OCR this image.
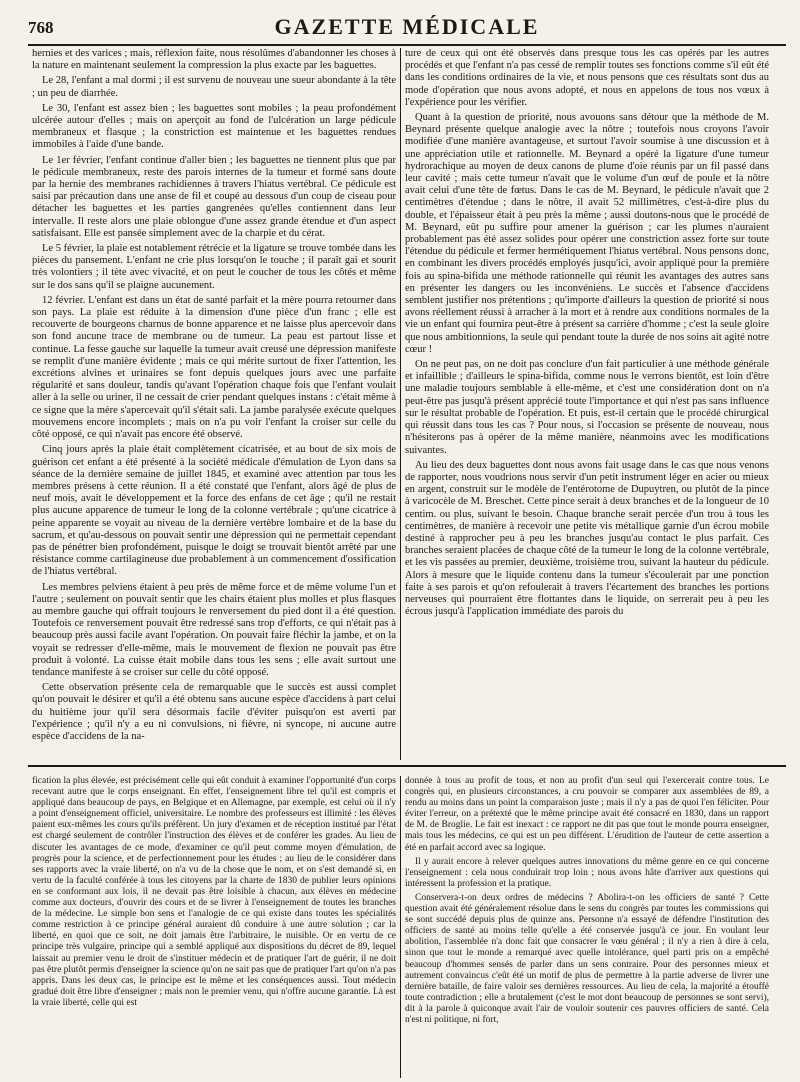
768	GAZETTE MÉDICALE

hernies et des varices ; mais, réflexion faite, nous résolûmes d'abandonner les choses à la nature en maintenant seulement la compression la plus exacte par les baguettes.

Le 28, l'enfant a mal dormi ; il est survenu de nouveau une sueur abondante à la tête ; un peu de diarrhée.

Le 30, l'enfant est assez bien ; les baguettes sont mobiles ; la peau profondément ulcérée autour d'elles ; mais on aperçoit au fond de l'ulcération un large pédicule membraneux et flasque ; la constriction est maintenue et les baguettes rendues immobiles à l'aide d'une bande.

Le 1er février, l'enfant continue d'aller bien ; les baguettes ne tiennent plus que par le pédicule membraneux, reste des parois internes de la tumeur et formé sans doute par la hernie des membranes rachidiennes à travers l'hiatus vertébral. Ce pédicule est saisi par précaution dans une anse de fil et coupé au dessous d'un coup de ciseau pour détacher les baguettes et les parties gangrenées qu'elles contiennent dans leur intervalle. Il reste alors une plaie oblongue d'une assez grande étendue et d'un aspect satisfaisant. Elle est pansée simplement avec de la charpie et du cérat.

Le 5 février, la plaie est notablement rétrécie et la ligature se trouve tombée dans les pièces du pansement. L'enfant ne crie plus lorsqu'on le touche ; il paraît gai et sourit très volontiers ; il tète avec vivacité, et on peut le coucher de tous les côtés et même sur le dos sans qu'il se plaigne aucunement.

12 février. L'enfant est dans un état de santé parfait et la mère pourra retourner dans son pays. La plaie est réduite à la dimension d'une pièce d'un franc ; elle est recouverte de bourgeons charnus de bonne apparence et ne laisse plus apercevoir dans son fond aucune trace de membrane ou de tumeur. La peau est partout lisse et continue. La fesse gauche sur laquelle la tumeur avait creusé une dépression manifeste se remplit d'une manière évidente ; mais ce qui mérite surtout de fixer l'attention, les excrétions alvines et urinaires se font depuis quelques jours avec une parfaite régularité et sans douleur, tandis qu'avant l'opération chaque fois que l'enfant voulait aller à la selle ou uriner, il ne cessait de crier pendant quelques instans : c'était même à ce signe que la mère s'apercevait qu'il s'était sali. La jambe paralysée exécute quelques mouvemens encore incomplets ; mais on n'a pu voir l'enfant la croiser sur celle du côté opposé, ce qui n'avait pas encore été observé.

Cinq jours après la plaie était complètement cicatrisée, et au bout de six mois de guérison cet enfant a été présenté à la société médicale d'émulation de Lyon dans sa séance de la dernière semaine de juillet 1845, et examiné avec attention par tous les membres présens à cette réunion. Il a été constaté que l'enfant, alors âgé de plus de neuf mois, avait le développement et la force des enfans de cet âge ; qu'il ne restait plus aucune apparence de tumeur le long de la colonne vertébrale ; qu'une cicatrice à peine apparente se voyait au niveau de la dernière vertèbre lombaire et de la base du sacrum, et qu'au-dessous on pouvait sentir une dépression qui ne permettait cependant pas de pénétrer bien profondément, puisque le doigt se trouvait bientôt arrêté par une résistance comme cartilagineuse due probablement à un commencement d'ossification de l'hiatus vertébral.

Les membres pelviens étaient à peu près de même force et de même volume l'un et l'autre ; seulement on pouvait sentir que les chairs étaient plus molles et plus flasques au membre gauche qui offrait toujours le renversement du pied dont il a été question. Toutefois ce renversement pouvait être redressé sans trop d'efforts, ce qui n'était pas à beaucoup près aussi facile avant l'opération. On pouvait faire fléchir la jambe, et on la voyait se redresser d'elle-même, mais le mouvement de flexion ne pouvait pas être produit à volonté. La cuisse était mobile dans tous les sens ; elle avait surtout une tendance manifeste à se croiser sur celle du côté opposé.

Cette observation présente cela de remarquable que le succès est aussi complet qu'on pouvait le désirer et qu'il a été obtenu sans aucune espèce d'accidens à part celui du huitième jour qu'il sera désormais facile d'éviter puisqu'on est averti par l'expérience ; qu'il n'y a eu ni convulsions, ni fièvre, ni syncope, ni aucune autre espèce d'accidens de la na-

ture de ceux qui ont été observés dans presque tous les cas opérés par les autres procédés et que l'enfant n'a pas cessé de remplir toutes ses fonctions comme s'il eût été dans les conditions ordinaires de la vie, et nous pensons que ces résultats sont dus au mode d'opération que nous avons adopté, et nous en appelons de tous nos vœux à l'expérience pour les vérifier.

Quant à la question de priorité, nous avouons sans détour que la méthode de M. Beynard présente quelque analogie avec la nôtre ; toutefois nous croyons l'avoir modifiée d'une manière avantageuse, et surtout l'avoir soumise à une discussion et à une appréciation utile et rationnelle. M. Beynard a opéré la ligature d'une tumeur hydrorachique au moyen de deux canons de plume d'oie réunis par un fil passé dans leur cavité ; mais cette tumeur n'avait que le volume d'un œuf de poule et la nôtre avait celui d'une tête de fœtus. Dans le cas de M. Beynard, le pédicule n'avait que 2 centimètres d'étendue ; dans le nôtre, il avait 52 millimètres, c'est-à-dire plus du double, et l'épaisseur était à peu près la même ; aussi doutons-nous que le procédé de M. Beynard, eût pu suffire pour amener la guérison ; car les plumes n'auraient probablement pas été assez solides pour opérer une constriction assez forte sur toute l'étendue du pédicule et fermer hermétiquement l'hiatus vertébral. Nous pensons donc, en combinant les divers procédés employés jusqu'ici, avoir appliqué pour la première fois au spina-bifida une méthode rationnelle qui réunit les avantages des autres sans en présenter les dangers ou les inconvéniens. Le succès et l'absence d'accidens semblent justifier nos prétentions ; qu'importe d'ailleurs la question de priorité si nous avons réellement réussi à arracher à la mort et à rendre aux conditions normales de la vie un enfant qui fournira peut-être à présent sa carrière d'homme ; c'est la seule gloire que nous ambitionnions, la seule qui pendant toute la durée de nos soins ait agité notre cœur !

On ne peut pas, on ne doit pas conclure d'un fait particulier à une méthode générale et infaillible ; d'ailleurs le spina-bifida, comme nous le verrons bientôt, est loin d'être une maladie toujours semblable à elle-même, et c'est une considération dont on n'a peut-être pas jusqu'à présent apprécié toute l'importance et qui n'est pas sans influence sur le résultat probable de l'opération. Et puis, est-il certain que le procédé chirurgical qui réussit dans tous les cas ? Pour nous, si l'occasion se présente de nouveau, nous n'hésiterons pas à opérer de la même manière, néanmoins avec les modifications suivantes.

Au lieu des deux baguettes dont nous avons fait usage dans le cas que nous venons de rapporter, nous voudrions nous servir d'un petit instrument léger en acier ou mieux en argent, construit sur le modèle de l'entérotome de Dupuytren, ou plutôt de la pince à varicocèle de M. Breschet. Cette pince serait à deux branches et de la longueur de 10 centim. ou plus, suivant le besoin. Chaque branche serait percée d'un trou à tous les centimètres, de manière à recevoir une petite vis métallique garnie d'un écrou mobile destiné à rapprocher peu à peu les branches jusqu'au contact le plus parfait. Ces branches seraient placées de chaque côté de la tumeur le long de la colonne vertébrale, et les vis passées au premier, deuxième, troisième trou, suivant la hauteur du pédicule. Alors à mesure que le liquide contenu dans la tumeur s'écoulerait par une ponction faite à ses parois et qu'on refoulerait à travers l'écartement des branches les portions nerveuses qui pourraient être flottantes dans le liquide, on serrerait peu à peu les écrous jusqu'à l'application immédiate des parois du

fication la plus élevée, est précisément celle qui eût conduit à examiner l'opportunité d'un corps recevant autre que le corps enseignant. En effet, l'enseignement libre tel qu'il est compris et appliqué dans beaucoup de pays, en Belgique et en Allemagne, par exemple, est celui où il n'y a point d'enseignement officiel, universitaire. Le nombre des professeurs est illimité : les élèves paient eux-mêmes les cours qu'ils préfèrent. Un jury d'examen et de réception institué par l'état est chargé seulement de contrôler l'instruction des élèves et de conférer les grades. Au lieu de discuter les avantages de ce mode, d'examiner ce qu'il peut comme moyen d'émulation, de progrès pour la science, et de perfectionnement pour les études ; au lieu de le considérer dans ses rapports avec la vraie liberté, on n'a vu de la chose que le nom, et on s'est demandé si, en vertu de la faculté conférée à tous les citoyens par la charte de 1830 de publier leurs opinions en se conformant aux lois, il ne devait pas être loisible à chacun, aux élèves en médecine comme aux docteurs, d'ouvrir des cours et de se livrer à l'enseignement de toutes les branches de la médecine. Le simple bon sens et l'analogie de ce qui existe dans toutes les spécialités comme restriction à ce principe général auraient dû conduire à une autre solution ; car la liberté, en quoi que ce soit, ne doit jamais être l'arbitraire, le nuisible. Or en vertu de ce principe très vulgaire, principe qui a semblé appliqué aux dispositions du décret de 89, lequel laissait au premier venu le droit de s'instituer médecin et de pratiquer l'art de guérir, il ne doit pas être plutôt permis d'enseigner la science qu'on ne sait pas que de pratiquer l'art qu'on n'a pas appris. Dans les deux cas, le principe est le même et les conséquences aussi. Tout médecin gradué doit être libre d'enseigner ; mais non le premier venu, qui n'offre aucune garantie. Là est la vraie liberté, celle qui est

donnée à tous au profit de tous, et non au profit d'un seul qui l'exercerait contre tous. Le congrès qui, en plusieurs circonstances, a cru pouvoir se comparer aux assemblées de 89, a rendu au moins dans un point la comparaison juste ; mais il n'y a pas de quoi l'en féliciter. Pour éviter l'erreur, on a prétexté que le même principe avait été consacré en 1830, dans un rapport de M. de Broglie. Le fait est inexact : ce rapport ne dit pas que tout le monde pourra enseigner, mais tous les médecins, ce qui est un peu différent. L'érudition de l'auteur de cette assertion a été en parfait accord avec sa logique.

Il y aurait encore à relever quelques autres innovations du même genre en ce qui concerne l'enseignement : cela nous conduirait trop loin ; nous avons hâte d'arriver aux questions qui intéressent la profession et la pratique.

Conservera-t-on deux ordres de médecins ? Abolira-t-on les officiers de santé ? Cette question avait été généralement résolue dans le sens du congrès par toutes les commissions qui se sont succédé depuis plus de quinze ans. Personne n'a essayé de défendre l'institution des officiers de santé au moins telle qu'elle a été conservée jusqu'à ce jour. En voulant leur abolition, l'assemblée n'a donc fait que consacrer le vœu général ; il n'y a rien à dire à cela, sinon que tout le monde a remarqué avec quelle intolérance, quel parti pris on a empêché beaucoup d'hommes sensés de parler dans un sens contraire. Pour des personnes mieux et autrement convaincus c'eût été un motif de plus de permettre à la partie adverse de livrer une dernière bataille, de faire valoir ses dernières ressources. Au lieu de cela, la majorité a étouffé toute contradiction ; elle a brutalement (c'est le mot dont beaucoup de personnes se sont servi), dit à la parole à quiconque avait l'air de vouloir soutenir ces pauvres officiers de santé. Cela n'est ni politique, ni fort,
